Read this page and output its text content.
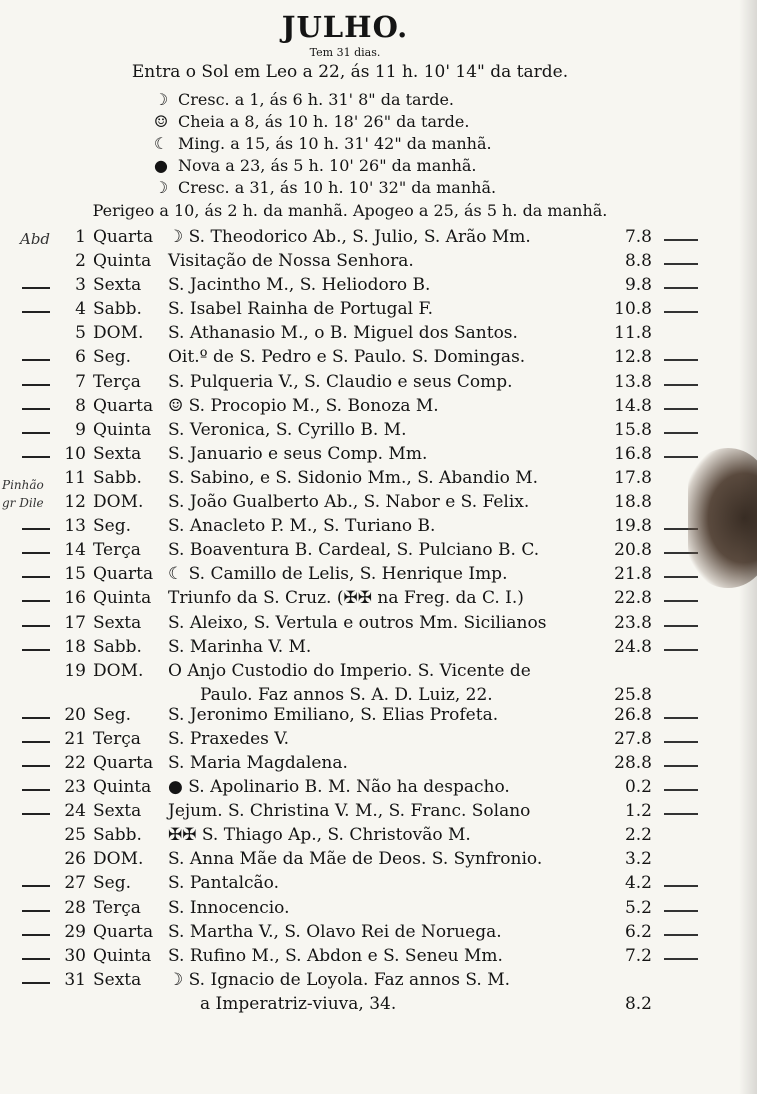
JULHO.
Tem 31 dias.
Entra o Sol em Leo a 22, ás 11 h. 10' 14" da tarde.
☽ Cresc. a 1, ás 6 h. 31' 8" da tarde.
☺ Cheia a 8, ás 10 h. 18' 26" da tarde.
☾ Ming. a 15, ás 10 h. 31' 42" da manhã.
● Nova a 23, ás 5 h. 10' 26" da manhã.
☽ Cresc. a 31, ás 10 h. 10' 32" da manhã.
Perigeo a 10, ás 2 h. da manhã. Apogeo a 25, ás 5 h. da manhã.
1 Quarta ☽ S. Theodorico Ab., S. Julio, S. Arão Mm.	7.8
2 Quinta Visitação de Nossa Senhora.	8.8
3 Sexta S. Jacintho M., S. Heliodoro B.	9.8
4 Sabb. S. Isabel Rainha de Portugal F.	10.8
5 DOM. S. Athanasio M., o B. Miguel dos Santos.	11.8
6 Seg. Oit.º de S. Pedro e S. Paulo. S. Domingas.	12.8
7 Terça S. Pulqueria V., S. Claudio e seus Comp.	13.8
8 Quarta ☺ S. Procopio M., S. Bonoza M.	14.8
9 Quinta S. Veronica, S. Cyrillo B. M.	15.8
10 Sexta S. Januario e seus Comp. Mm.	16.8
11 Sabb. S. Sabino, e S. Sidonio Mm., S. Abandio M.	17.8
12 DOM. S. João Gualberto Ab., S. Nabor e S. Felix.	18.8
13 Seg. S. Anacleto P. M., S. Turiano B.	19.8
14 Terça S. Boaventura B. Cardeal, S. Pulciano B. C.	20.8
15 Quarta ☾ S. Camillo de Lelis, S. Henrique Imp.	21.8
16 Quinta Triunfo da S. Cruz. (✠✠ na Freg. da C. I.)	22.8
17 Sexta S. Aleixo, S. Vertula e outros Mm. Sicilianos	23.8
18 Sabb. S. Marinha V. M.	24.8
19 DOM. O Anjo Custodio do Imperio. S. Vicente de
Paulo. Faz annos S. A. D. Luiz, 22.	25.8
20 Seg. S. Jeronimo Emiliano, S. Elias Profeta.	26.8
21 Terça S. Praxedes V.	27.8
22 Quarta S. Maria Magdalena.	28.8
23 Quinta ● S. Apolinario B. M. Não ha despacho.	0.2
24 Sexta Jejum. S. Christina V. M., S. Franc. Solano	1.2
25 Sabb. ✠✠ S. Thiago Ap., S. Christovão M.	2.2
26 DOM. S. Anna Mãe da Mãe de Deos. S. Synfronio.	3.2
27 Seg. S. Pantalcão.	4.2
28 Terça S. Innocencio.	5.2
29 Quarta S. Martha V., S. Olavo Rei de Noruega.	6.2
30 Quinta S. Rufino M., S. Abdon e S. Seneu Mm.	7.2
31 Sexta ☽ S. Ignacio de Loyola. Faz annos S. M.
a Imperatriz-viuva, 34.	8.2
Abd
Pinhão
gr Dile
